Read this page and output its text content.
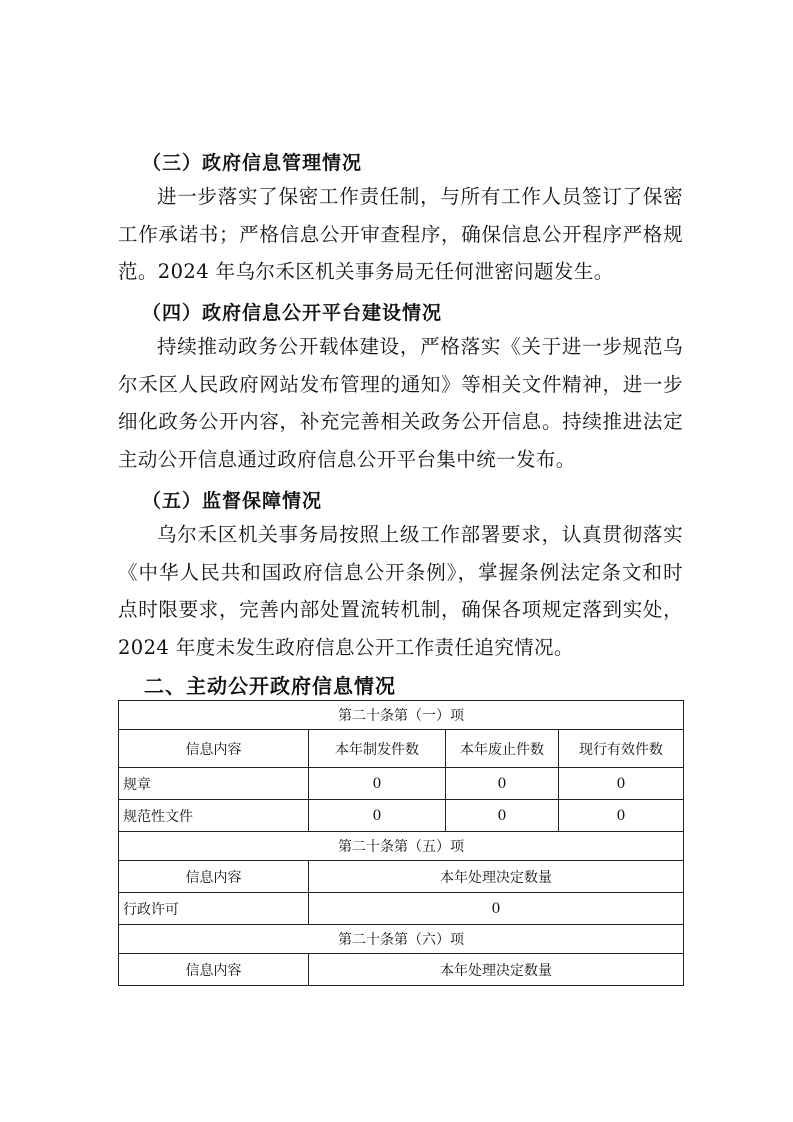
（三）政府信息管理情况

进一步落实了保密工作责任制，与所有工作人员签订了保密工作承诺书；严格信息公开审查程序，确保信息公开程序严格规范。2024 年乌尔禾区机关事务局无任何泄密问题发生。

（四）政府信息公开平台建设情况

持续推动政务公开载体建设，严格落实《关于进一步规范乌尔禾区人民政府网站发布管理的通知》等相关文件精神，进一步细化政务公开内容，补充完善相关政务公开信息。持续推进法定主动公开信息通过政府信息公开平台集中统一发布。

（五）监督保障情况

乌尔禾区机关事务局按照上级工作部署要求，认真贯彻落实《中华人民共和国政府信息公开条例》，掌握条例法定条文和时点时限要求，完善内部处置流转机制，确保各项规定落到实处，2024 年度未发生政府信息公开工作责任追究情况。

二、主动公开政府信息情况
第二十条第（一）项			
信息内容	本年制发件数	本年废止件数	现行有效件数
规章	0	0	0
规范性文件	0	0	0
第二十条第（五）项			
信息内容	本年处理决定数量		
行政许可	0		
第二十条第（六）项			
信息内容	本年处理决定数量		
